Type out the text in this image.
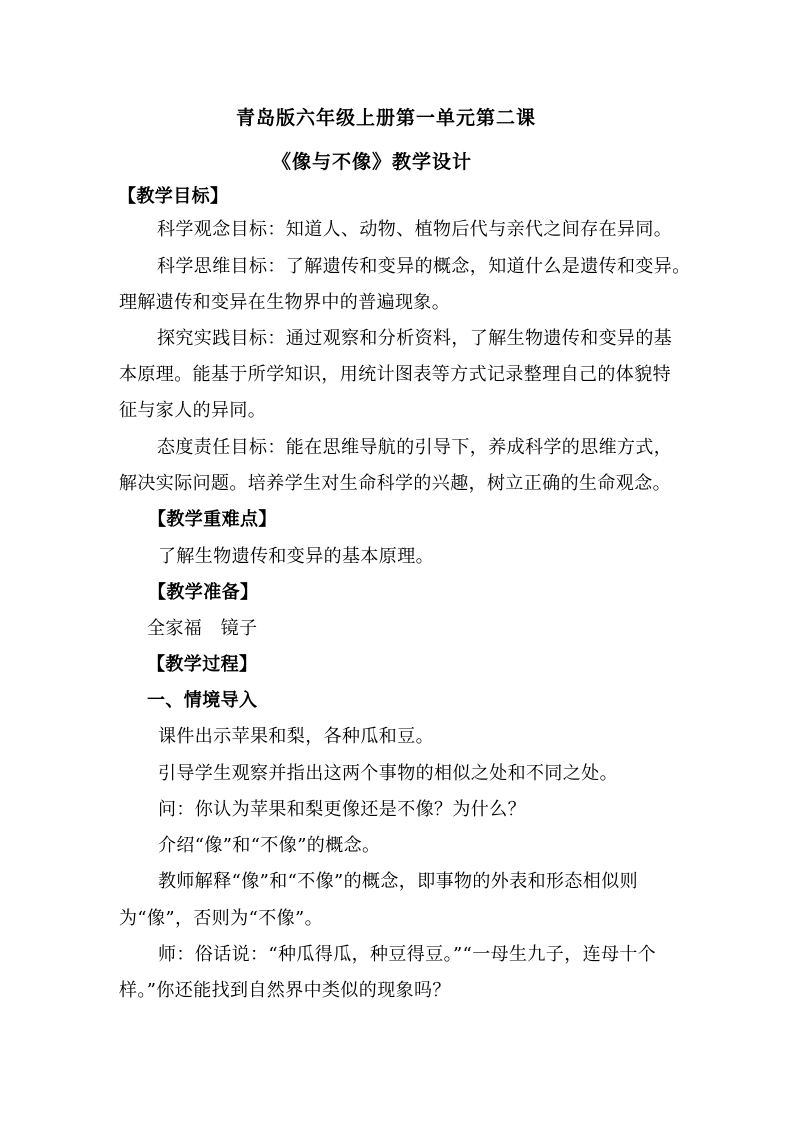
青岛版六年级上册第一单元第二课
《像与不像》教学设计
【教学目标】
科学观念目标：知道人、动物、植物后代与亲代之间存在异同。
科学思维目标：了解遗传和变异的概念，知道什么是遗传和变异。
理解遗传和变异在生物界中的普遍现象。
探究实践目标：通过观察和分析资料，了解生物遗传和变异的基
本原理。能基于所学知识，用统计图表等方式记录整理自己的体貌特
征与家人的异同。
态度责任目标：能在思维导航的引导下，养成科学的思维方式，
解决实际问题。培养学生对生命科学的兴趣，树立正确的生命观念。
【教学重难点】
了解生物遗传和变异的基本原理。
【教学准备】
全家福　镜子
【教学过程】
一、情境导入
课件出示苹果和梨，各种瓜和豆。
引导学生观察并指出这两个事物的相似之处和不同之处。
问：你认为苹果和梨更像还是不像？为什么？
介绍“像”和“不像”的概念。
教师解释“像”和“不像”的概念，即事物的外表和形态相似则
为“像”，否则为“不像”。
师：俗话说：“种瓜得瓜，种豆得豆。”“一母生九子，连母十个
样。”你还能找到自然界中类似的现象吗？
